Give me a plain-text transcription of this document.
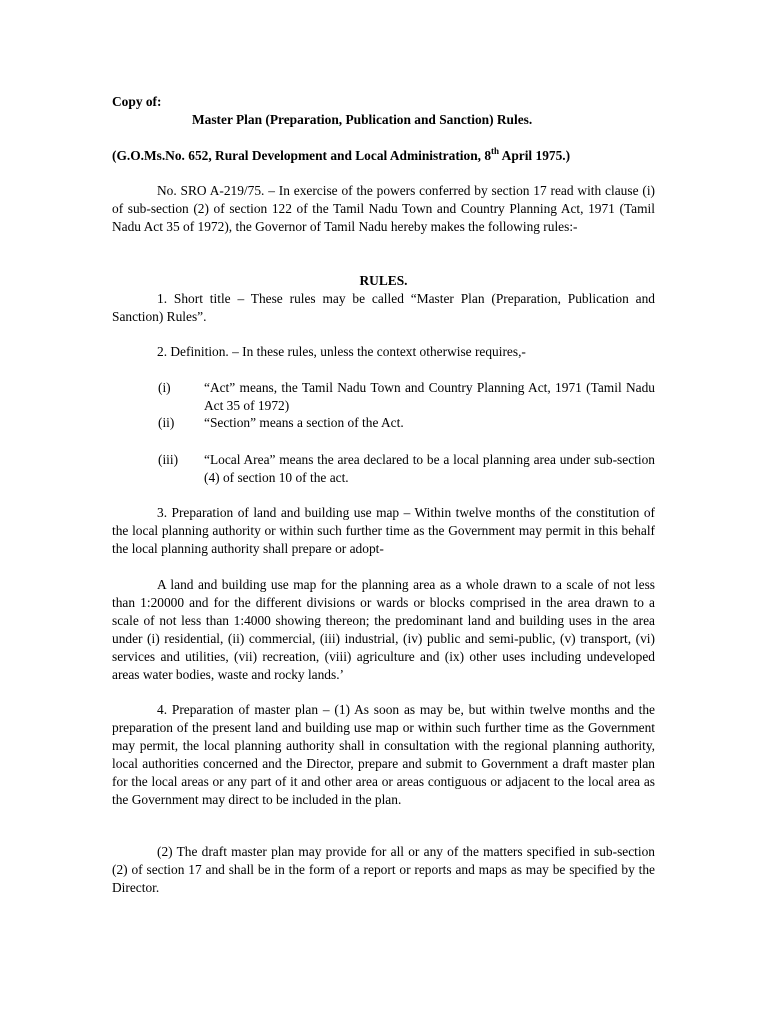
Copy of:
Master Plan (Preparation, Publication and Sanction) Rules.
(G.O.Ms.No. 652, Rural Development and Local Administration, 8th April 1975.)

No. SRO A-219/75. – In exercise of the powers conferred by section 17 read with clause (i) of sub-section (2) of section 122 of the Tamil Nadu Town and Country Planning Act, 1971 (Tamil Nadu Act 35 of 1972), the Governor of Tamil Nadu hereby makes the following rules:-

RULES.

1. Short title – These rules may be called “Master Plan (Preparation, Publication and Sanction) Rules”.

2. Definition. – In these rules, unless the context otherwise requires,-

(i)	“Act” means, the Tamil Nadu Town and Country Planning Act, 1971 (Tamil Nadu Act 35 of 1972)
(ii)	“Section” means a section of the Act.
(iii)	“Local Area” means the area declared to be a local planning area under sub-section (4) of section 10 of the act.

3. Preparation of land and building use map – Within twelve months of the constitution of the local planning authority or within such further time as the Government may permit in this behalf the local planning authority shall prepare or adopt-

A land and building use map for the planning area as a whole drawn to a scale of not less than 1:20000 and for the different divisions or wards or blocks comprised in the area drawn to a scale of not less than 1:4000 showing thereon; the predominant land and building uses in the area under (i) residential, (ii) commercial, (iii) industrial, (iv) public and semi-public, (v) transport, (vi) services and utilities, (vii) recreation, (viii) agriculture and (ix) other uses including undeveloped areas water bodies, waste and rocky lands.’

4. Preparation of master plan – (1) As soon as may be, but within twelve months and the preparation of the present land and building use map or within such further time as the Government may permit, the local planning authority shall in consultation with the regional planning authority, local authorities concerned and the Director, prepare and submit to Government a draft master plan for the local areas or any part of it and other area or areas contiguous or adjacent to the local area as the Government may direct to be included in the plan.

(2) The draft master plan may provide for all or any of the matters specified in sub-section (2) of section 17 and shall be in the form of a report or reports and maps as may be specified by the Director.
